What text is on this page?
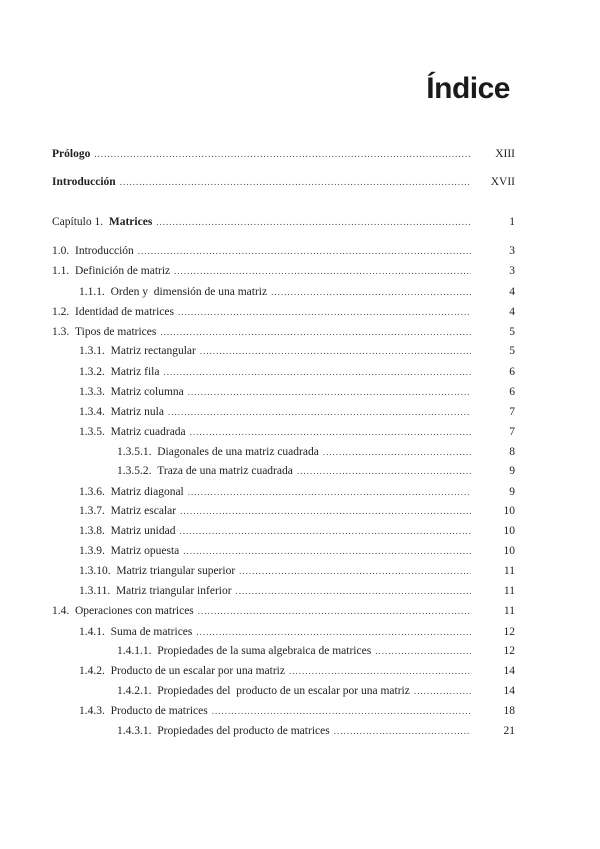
Índice
Prólogo .....	XIII
Introducción .....	XVII
Capítulo 1. Matrices .....	1
1.0. Introducción .....	3
1.1. Definición de matriz .....	3
1.1.1. Orden y  dimensión de una matriz .....	4
1.2. Identidad de matrices .....	4
1.3. Tipos de matrices .....	5
1.3.1. Matriz rectangular .....	5
1.3.2. Matriz fila .....	6
1.3.3. Matriz columna .....	6
1.3.4. Matriz nula .....	7
1.3.5. Matriz cuadrada .....	7
1.3.5.1. Diagonales de una matriz cuadrada .....	8
1.3.5.2. Traza de una matriz cuadrada .....	9
1.3.6. Matriz diagonal .....	9
1.3.7. Matriz escalar .....	10
1.3.8. Matriz unidad .....	10
1.3.9. Matriz opuesta .....	10
1.3.10. Matriz triangular superior .....	11
1.3.11. Matriz triangular inferior .....	11
1.4. Operaciones con matrices .....	11
1.4.1. Suma de matrices .....	12
1.4.1.1. Propiedades de la suma algebraica de matrices .....	12
1.4.2. Producto de un escalar por una matriz .....	14
1.4.2.1. Propiedades del  producto de un escalar por una matriz .....	14
1.4.3. Producto de matrices .....	18
1.4.3.1. Propiedades del producto de matrices .....	21
